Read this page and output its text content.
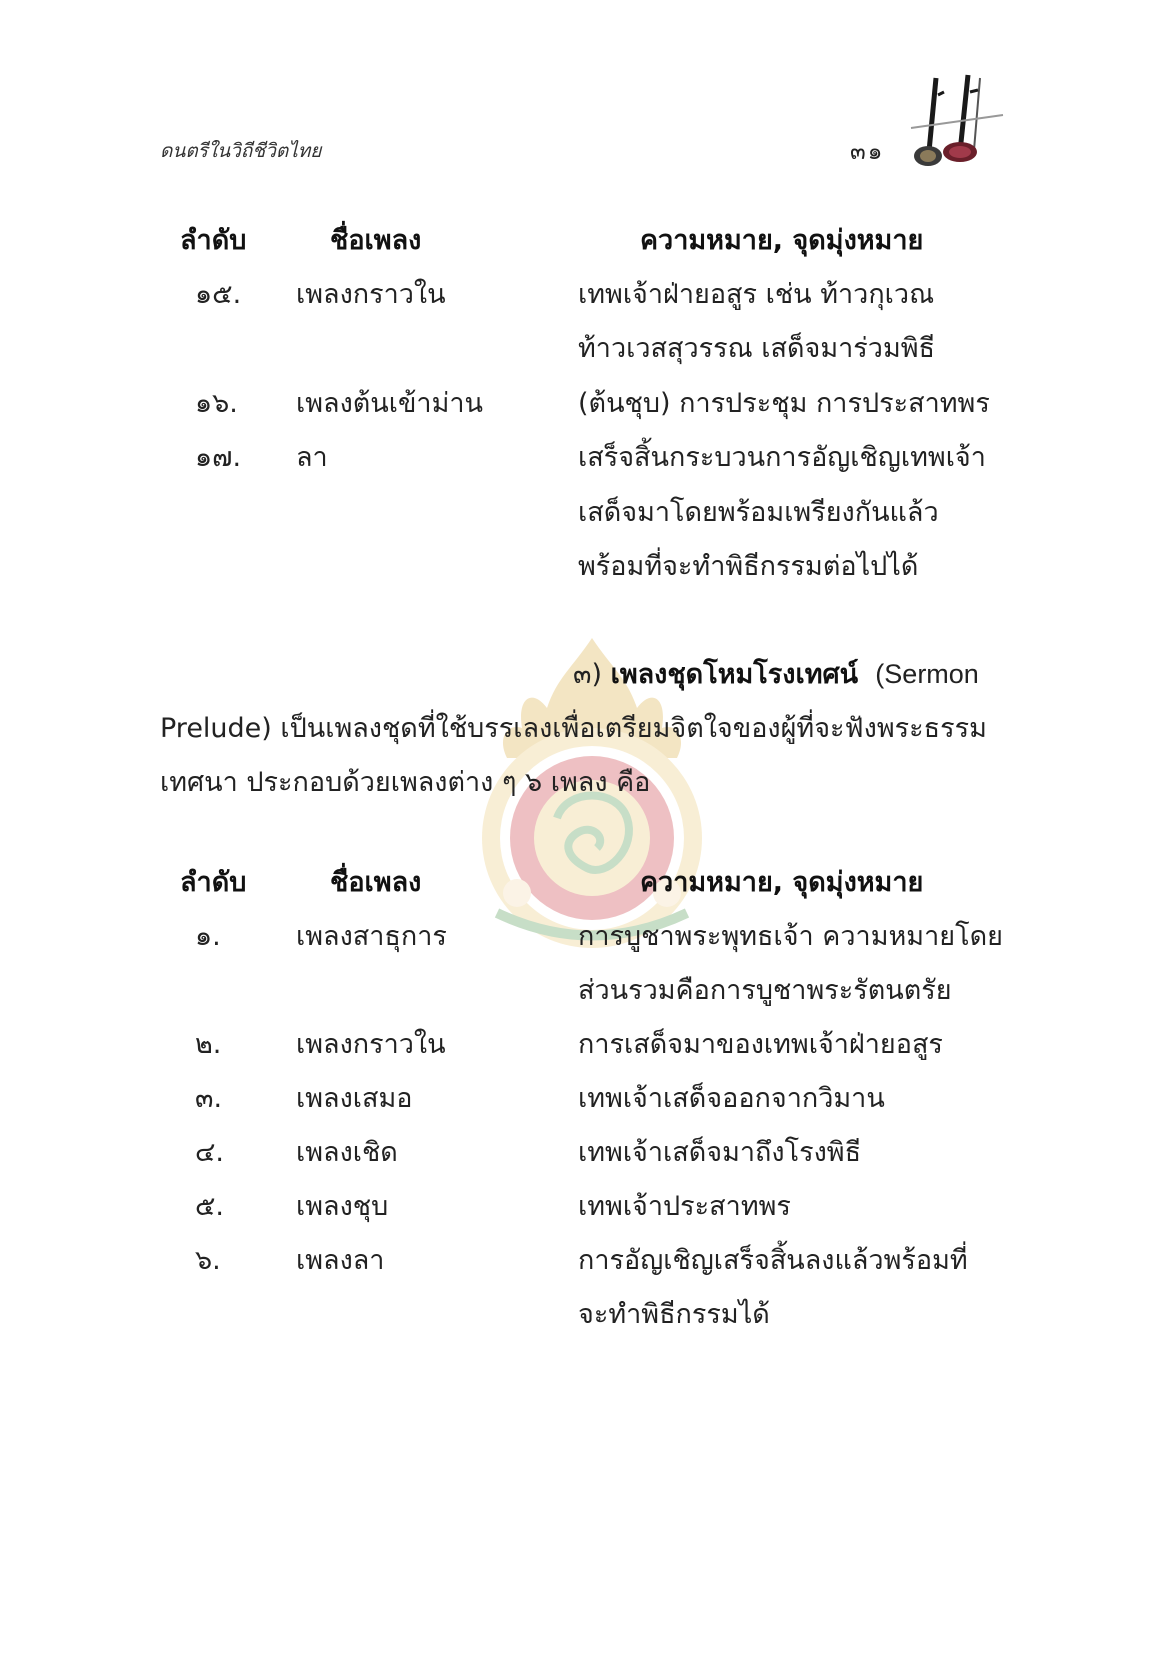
ดนตรีในวิถีชีวิตไทย	๓๑
ลำดับ	ชื่อเพลง	ความหมาย, จุดมุ่งหมาย
๑๕. เพลงกราวใน	เทพเจ้าฝ่ายอสูร เช่น ท้าวกุเวณ
ท้าวเวสสุวรรณ เสด็จมาร่วมพิธี
๑๖. เพลงต้นเข้าม่าน	(ต้นชุบ) การประชุม การประสาทพร
๑๗. ลา	เสร็จสิ้นกระบวนการอัญเชิญเทพเจ้า
เสด็จมาโดยพร้อมเพรียงกันแล้ว
พร้อมที่จะทำพิธีกรรมต่อไปได้
๓) เพลงชุดโหมโรงเทศน์ (Sermon
Prelude) เป็นเพลงชุดที่ใช้บรรเลงเพื่อเตรียมจิตใจของผู้ที่จะฟังพระธรรม
เทศนา ประกอบด้วยเพลงต่าง ๆ ๖ เพลง คือ
ลำดับ	ชื่อเพลง	ความหมาย, จุดมุ่งหมาย
๑.	เพลงสาธุการ	การบูชาพระพุทธเจ้า ความหมายโดย
ส่วนรวมคือการบูชาพระรัตนตรัย
๒.	เพลงกราวใน	การเสด็จมาของเทพเจ้าฝ่ายอสูร
๓.	เพลงเสมอ	เทพเจ้าเสด็จออกจากวิมาน
๔.	เพลงเชิด	เทพเจ้าเสด็จมาถึงโรงพิธี
๕.	เพลงชุบ	เทพเจ้าประสาทพร
๖.	เพลงลา	การอัญเชิญเสร็จสิ้นลงแล้วพร้อมที่
จะทำพิธีกรรมได้
